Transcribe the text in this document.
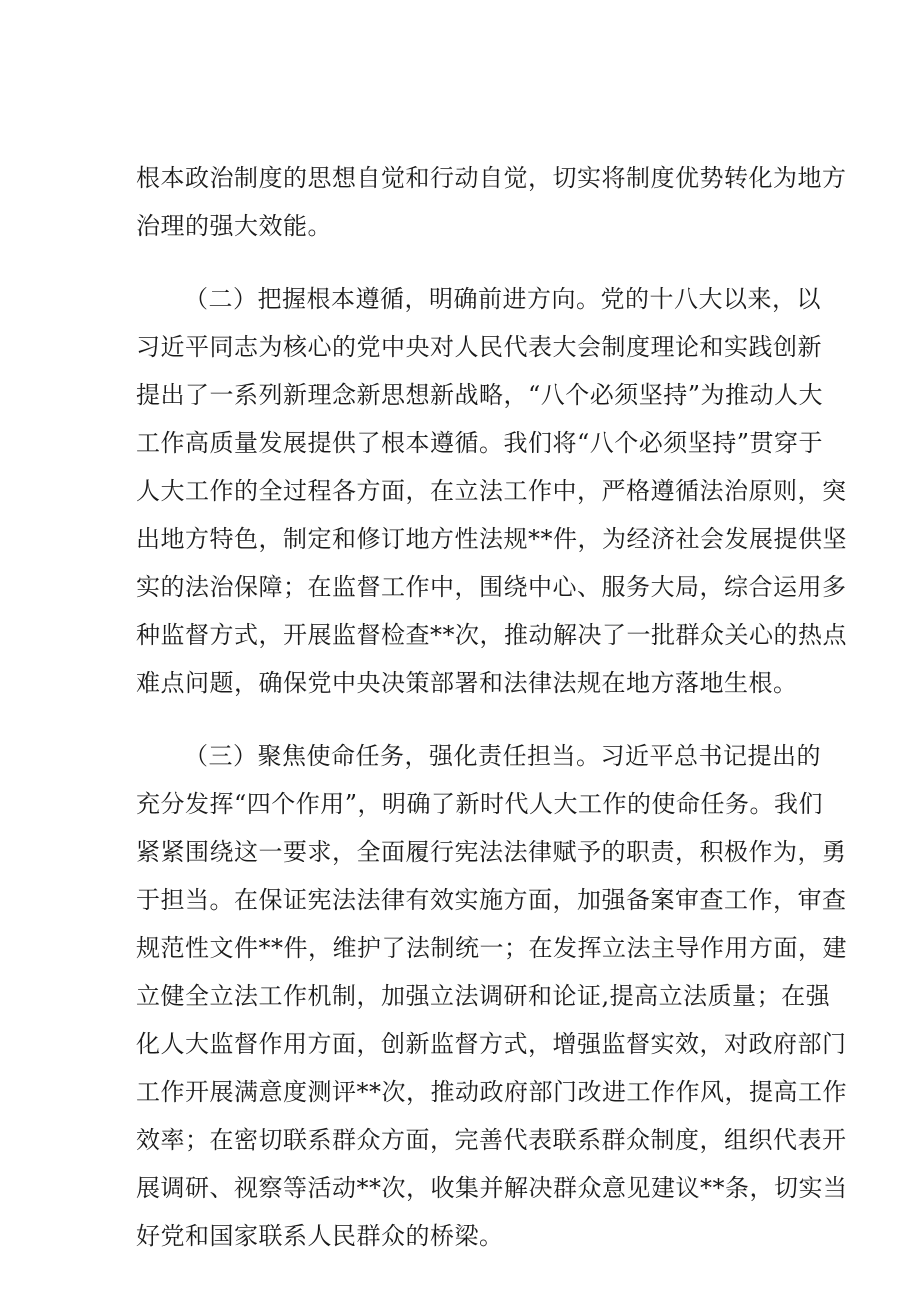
根本政治制度的思想自觉和行动自觉，切实将制度优势转化为地方
治理的强大效能。
（二）把握根本遵循，明确前进方向。党的十八大以来，以
习近平同志为核心的党中央对人民代表大会制度理论和实践创新
提出了一系列新理念新思想新战略，“八个必须坚持”为推动人大
工作高质量发展提供了根本遵循。我们将“八个必须坚持”贯穿于
人大工作的全过程各方面，在立法工作中，严格遵循法治原则，突
出地方特色，制定和修订地方性法规**件，为经济社会发展提供坚
实的法治保障；在监督工作中，围绕中心、服务大局，综合运用多
种监督方式，开展监督检查**次，推动解决了一批群众关心的热点
难点问题，确保党中央决策部署和法律法规在地方落地生根。
（三）聚焦使命任务，强化责任担当。习近平总书记提出的
充分发挥“四个作用”，明确了新时代人大工作的使命任务。我们
紧紧围绕这一要求，全面履行宪法法律赋予的职责，积极作为，勇
于担当。在保证宪法法律有效实施方面，加强备案审查工作，审查
规范性文件**件，维护了法制统一；在发挥立法主导作用方面，建
立健全立法工作机制，加强立法调研和论证,提高立法质量；在强
化人大监督作用方面，创新监督方式，增强监督实效，对政府部门
工作开展满意度测评**次，推动政府部门改进工作作风，提高工作
效率；在密切联系群众方面，完善代表联系群众制度，组织代表开
展调研、视察等活动**次，收集并解决群众意见建议**条，切实当
好党和国家联系人民群众的桥梁。
